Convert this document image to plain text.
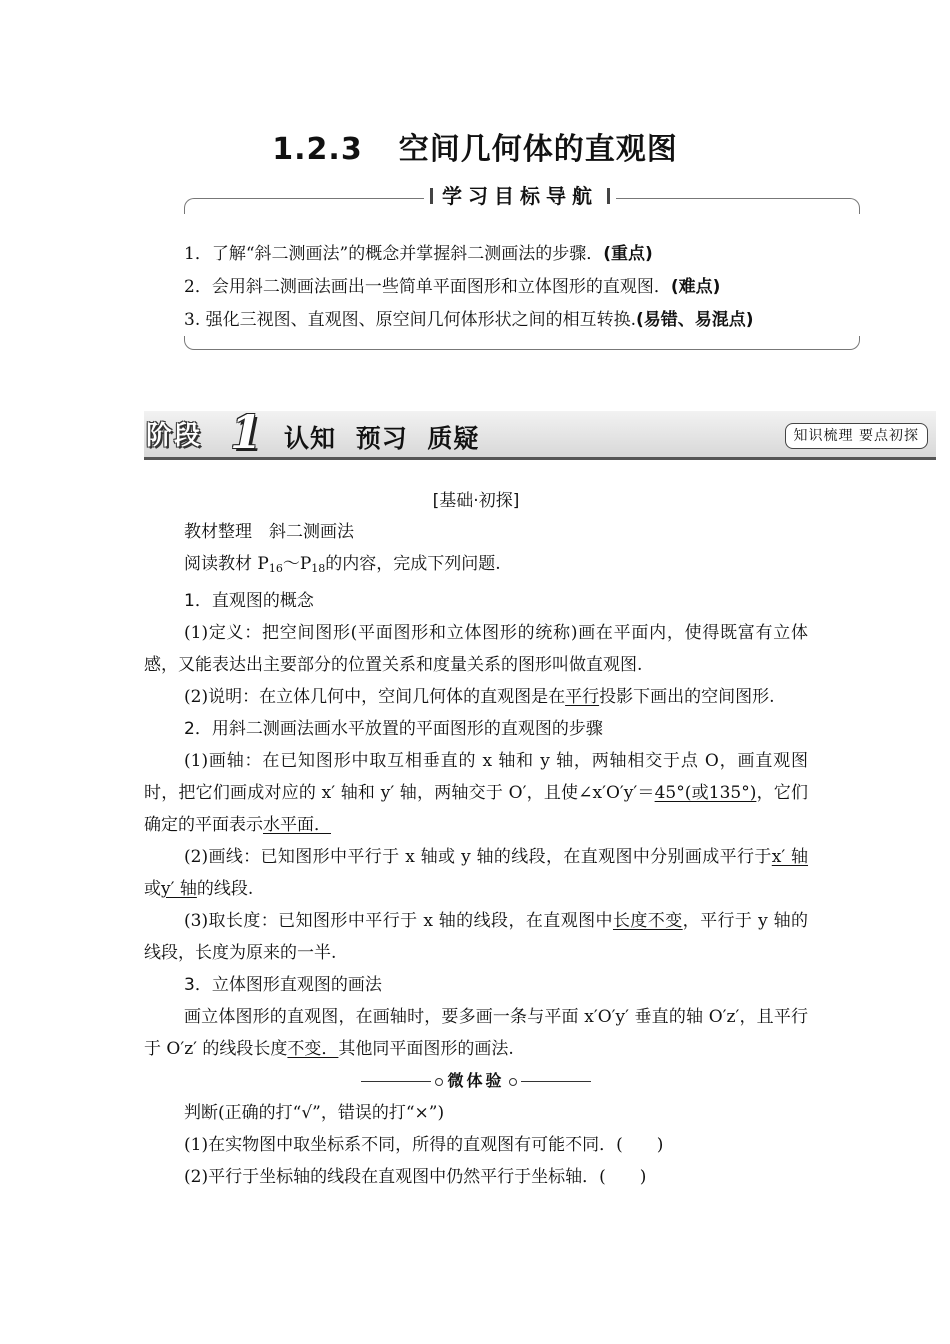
1.2.3 空间几何体的直观图
学习目标导航
1．了解“斜二测画法”的概念并掌握斜二测画法的步骤．(重点)
2．会用斜二测画法画出一些简单平面图形和立体图形的直观图．(难点)
3. 强化三视图、直观图、原空间几何体形状之间的相互转换.(易错、易混点)
阶段 1 认知 预习 质疑	知识梳理 要点初探
[基础·初探]
教材整理　斜二测画法
阅读教材 $P_{16}\sim P_{18}$的内容，完成下列问题.
1．直观图的概念
(1)定义：把空间图形(平面图形和立体图形的统称)画在平面内，使得既富有立体感，又能表达出主要部分的位置关系和度量关系的图形叫做直观图.
(2)说明：在立体几何中，空间几何体的直观图是在平行投影下画出的空间图形.
2．用斜二测画法画水平放置的平面图形的直观图的步骤
(1)画轴：在已知图形中取互相垂直的 x 轴和 y 轴，两轴相交于点 O，画直观图时，把它们画成对应的 x′ 轴和 y′ 轴，两轴交于 O′，且使∠x′O′y′＝45°(或135°)，它们确定的平面表示水平面．
(2)画线：已知图形中平行于 x 轴或 y 轴的线段，在直观图中分别画成平行于x′ 轴或y′ 轴的线段.
(3)取长度：已知图形中平行于 x 轴的线段，在直观图中长度不变，平行于 y 轴的线段，长度为原来的一半.
3．立体图形直观图的画法
画立体图形的直观图，在画轴时，要多画一条与平面 x′O′y′ 垂直的轴 O′z′，且平行于 O′z′ 的线段长度不变．其他同平面图形的画法.
微体验
判断(正确的打“√”，错误的打“×”)
(1)在实物图中取坐标系不同，所得的直观图有可能不同．(　　)
(2)平行于坐标轴的线段在直观图中仍然平行于坐标轴．(　　)
